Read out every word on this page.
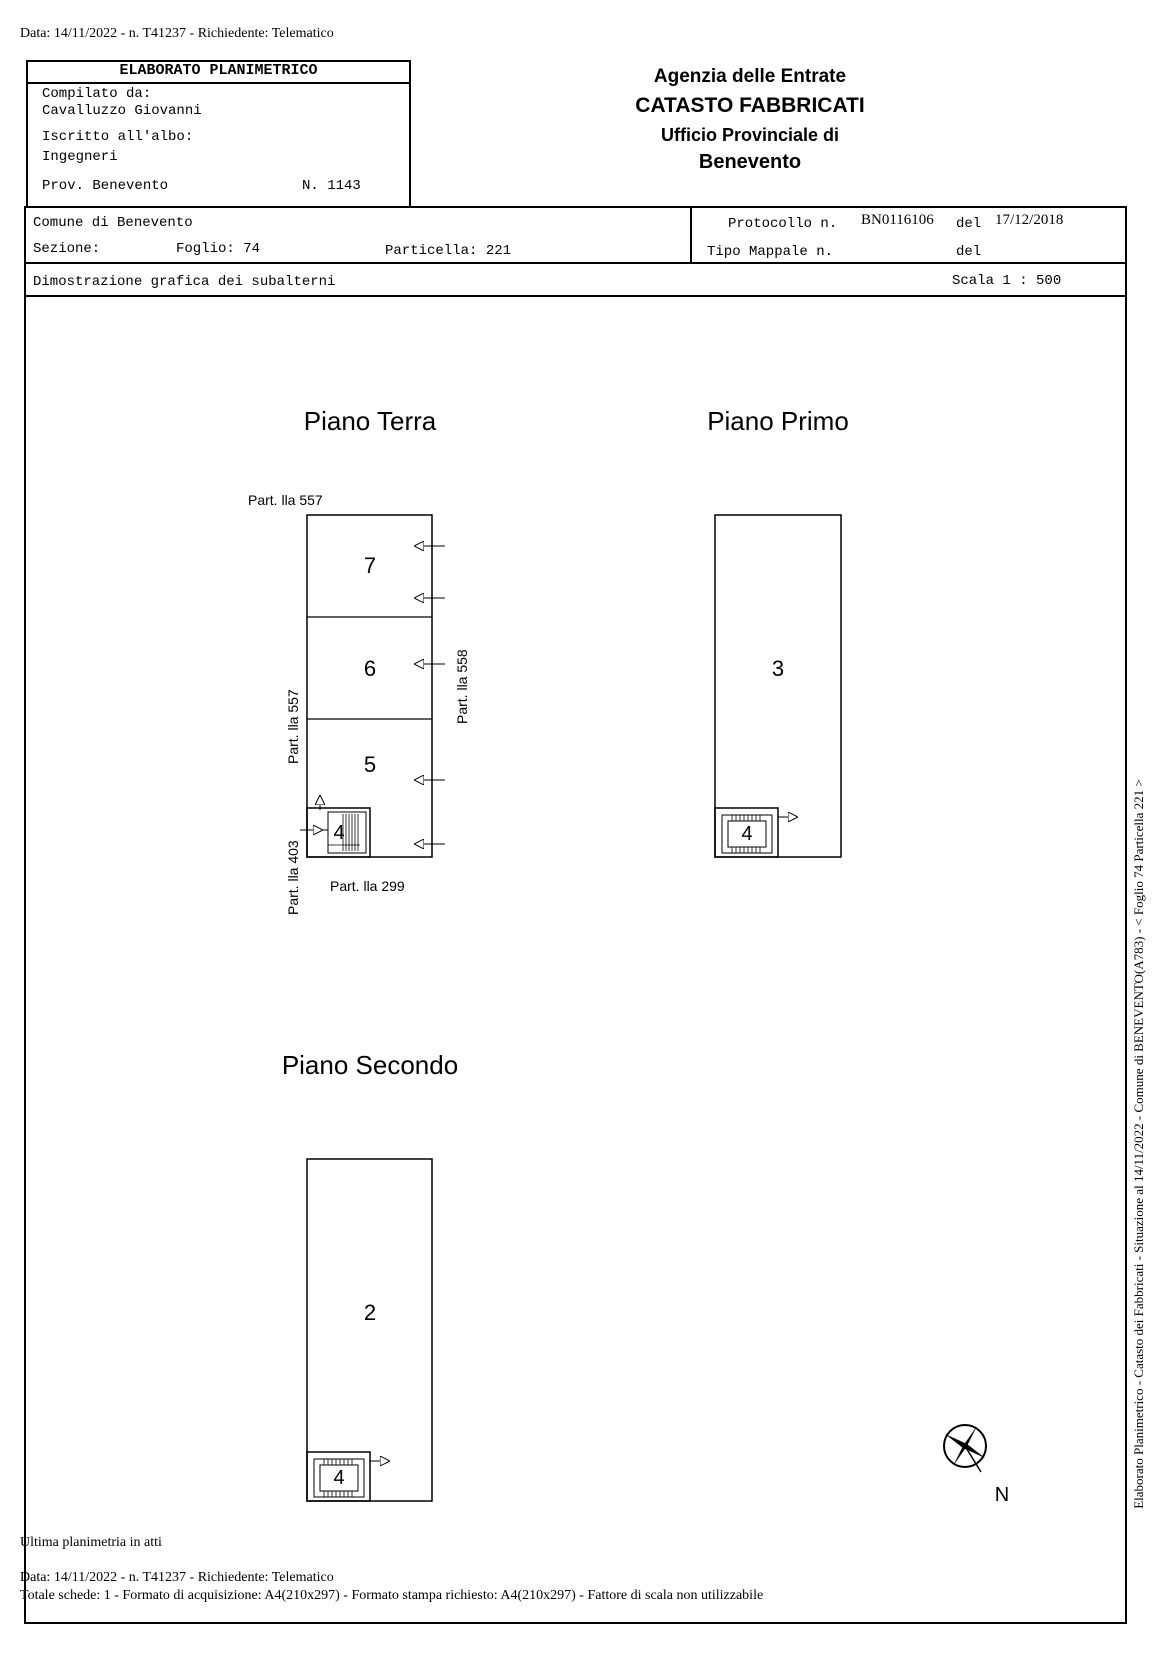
Data: 14/11/2022 - n. T41237 - Richiedente: Telematico
ELABORATO PLANIMETRICO
Compilato da:
Cavalluzzo Giovanni
Iscritto all'albo:
Ingegneri
Prov. Benevento	N. 1143
Agenzia delle Entrate
CATASTO FABBRICATI
Ufficio Provinciale di
Benevento
Comune di Benevento	Protocollo n. BN0116106 del 17/12/2018
Sezione:	Foglio: 74	Particella: 221	Tipo Mappale n.	del
Dimostrazione grafica dei subalterni	Scala 1 : 500
Piano Terra	Piano Primo
Piano Secondo
7
6
5
4
Part. lla 557
Part. lla 557
Part. lla 558
Part. lla 403 Part. lla 299
3
4
2
4
N	Elaborato Planimetrico - Catasto dei Fabbricati - Situazione al 14/11/2022 - Comune di BENEVENTO(A783) - < Foglio 74 Particella 221 >
Ultima planimetria in atti
Data: 14/11/2022 - n. T41237 - Richiedente: Telematico
Totale schede: 1 - Formato di acquisizione: A4(210x297) - Formato stampa richiesto: A4(210x297) - Fattore di scala non utilizzabile
